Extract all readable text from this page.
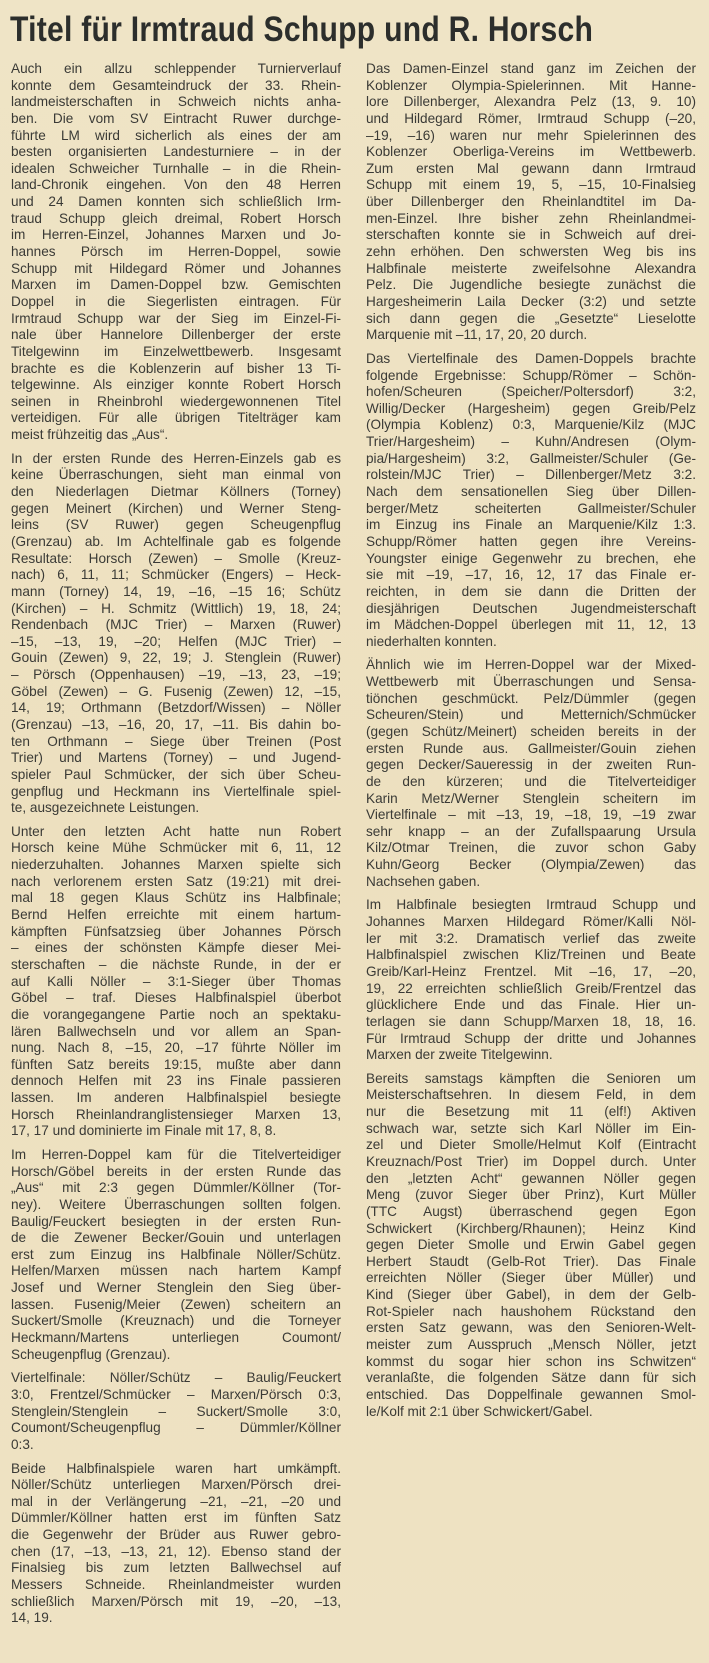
Titel für Irmtraud Schupp und R. Horsch
Auch ein allzu schleppender Turnierverlauf
konnte dem Gesamteindruck der 33. Rhein-
landmeisterschaften in Schweich nichts anha-
ben. Die vom SV Eintracht Ruwer durchge-
führte LM wird sicherlich als eines der am
besten organisierten Landesturniere – in der
idealen Schweicher Turnhalle – in die Rhein-
land-Chronik eingehen. Von den 48 Herren
und 24 Damen konnten sich schließlich Irm-
traud Schupp gleich dreimal, Robert Horsch
im Herren-Einzel, Johannes Marxen und Jo-
hannes Pörsch im Herren-Doppel, sowie
Schupp mit Hildegard Römer und Johannes
Marxen im Damen-Doppel bzw. Gemischten
Doppel in die Siegerlisten eintragen. Für
Irmtraud Schupp war der Sieg im Einzel-Fi-
nale über Hannelore Dillenberger der erste
Titelgewinn im Einzelwettbewerb. Insgesamt
brachte es die Koblenzerin auf bisher 13 Ti-
telgewinne. Als einziger konnte Robert Horsch
seinen in Rheinbrohl wiedergewonnenen Titel
verteidigen. Für alle übrigen Titelträger kam
meist frühzeitig das „Aus“.
In der ersten Runde des Herren-Einzels gab es
keine Überraschungen, sieht man einmal von
den Niederlagen Dietmar Köllners (Torney)
gegen Meinert (Kirchen) und Werner Steng-
leins (SV Ruwer) gegen Scheugenpflug
(Grenzau) ab. Im Achtelfinale gab es folgende
Resultate: Horsch (Zewen) – Smolle (Kreuz-
nach) 6, 11, 11; Schmücker (Engers) – Heck-
mann (Torney) 14, 19, –16, –15 16; Schütz
(Kirchen) – H. Schmitz (Wittlich) 19, 18, 24;
Rendenbach (MJC Trier) – Marxen (Ruwer)
–15, –13, 19, –20; Helfen (MJC Trier) –
Gouin (Zewen) 9, 22, 19; J. Stenglein (Ruwer)
– Pörsch (Oppenhausen) –19, –13, 23, –19;
Göbel (Zewen) – G. Fusenig (Zewen) 12, –15,
14, 19; Orthmann (Betzdorf/Wissen) – Nöller
(Grenzau) –13, –16, 20, 17, –11. Bis dahin bo-
ten Orthmann – Siege über Treinen (Post
Trier) und Martens (Torney) – und Jugend-
spieler Paul Schmücker, der sich über Scheu-
genpflug und Heckmann ins Viertelfinale spiel-
te, ausgezeichnete Leistungen.
Unter den letzten Acht hatte nun Robert
Horsch keine Mühe Schmücker mit 6, 11, 12
niederzuhalten. Johannes Marxen spielte sich
nach verlorenem ersten Satz (19:21) mit drei-
mal 18 gegen Klaus Schütz ins Halbfinale;
Bernd Helfen erreichte mit einem hartum-
kämpften Fünfsatzsieg über Johannes Pörsch
– eines der schönsten Kämpfe dieser Mei-
sterschaften – die nächste Runde, in der er
auf Kalli Nöller – 3:1-Sieger über Thomas
Göbel – traf. Dieses Halbfinalspiel überbot
die vorangegangene Partie noch an spektaku-
lären Ballwechseln und vor allem an Span-
nung. Nach 8, –15, 20, –17 führte Nöller im
fünften Satz bereits 19:15, mußte aber dann
dennoch Helfen mit 23 ins Finale passieren
lassen. Im anderen Halbfinalspiel besiegte
Horsch Rheinlandranglistensieger Marxen 13,
17, 17 und dominierte im Finale mit 17, 8, 8.
Im Herren-Doppel kam für die Titelverteidiger
Horsch/Göbel bereits in der ersten Runde das
„Aus“ mit 2:3 gegen Dümmler/Köllner (Tor-
ney). Weitere Überraschungen sollten folgen.
Baulig/Feuckert besiegten in der ersten Run-
de die Zewener Becker/Gouin und unterlagen
erst zum Einzug ins Halbfinale Nöller/Schütz.
Helfen/Marxen müssen nach hartem Kampf
Josef und Werner Stenglein den Sieg über-
lassen. Fusenig/Meier (Zewen) scheitern an
Suckert/Smolle (Kreuznach) und die Torneyer
Heckmann/Martens unterliegen Coumont/
Scheugenpflug (Grenzau).
Viertelfinale: Nöller/Schütz – Baulig/Feuckert
3:0, Frentzel/Schmücker – Marxen/Pörsch 0:3,
Stenglein/Stenglein – Suckert/Smolle 3:0,
Coumont/Scheugenpflug – Dümmler/Köllner
0:3.
Beide Halbfinalspiele waren hart umkämpft.
Nöller/Schütz unterliegen Marxen/Pörsch drei-
mal in der Verlängerung –21, –21, –20 und
Dümmler/Köllner hatten erst im fünften Satz
die Gegenwehr der Brüder aus Ruwer gebro-
chen (17, –13, –13, 21, 12). Ebenso stand der
Finalsieg bis zum letzten Ballwechsel auf
Messers Schneide. Rheinlandmeister wurden
schließlich Marxen/Pörsch mit 19, –20, –13,
14, 19.
Das Damen-Einzel stand ganz im Zeichen der
Koblenzer Olympia-Spielerinnen. Mit Hanne-
lore Dillenberger, Alexandra Pelz (13, 9. 10)
und Hildegard Römer, Irmtraud Schupp (–20,
–19, –16) waren nur mehr Spielerinnen des
Koblenzer Oberliga-Vereins im Wettbewerb.
Zum ersten Mal gewann dann Irmtraud
Schupp mit einem 19, 5, –15, 10-Finalsieg
über Dillenberger den Rheinlandtitel im Da-
men-Einzel. Ihre bisher zehn Rheinlandmei-
sterschaften konnte sie in Schweich auf drei-
zehn erhöhen. Den schwersten Weg bis ins
Halbfinale meisterte zweifelsohne Alexandra
Pelz. Die Jugendliche besiegte zunächst die
Hargesheimerin Laila Decker (3:2) und setzte
sich dann gegen die „Gesetzte“ Lieselotte
Marquenie mit –11, 17, 20, 20 durch.
Das Viertelfinale des Damen-Doppels brachte
folgende Ergebnisse: Schupp/Römer – Schön-
hofen/Scheuren (Speicher/Poltersdorf) 3:2,
Willig/Decker (Hargesheim) gegen Greib/Pelz
(Olympia Koblenz) 0:3, Marquenie/Kilz (MJC
Trier/Hargesheim) – Kuhn/Andresen (Olym-
pia/Hargesheim) 3:2, Gallmeister/Schuler (Ge-
rolstein/MJC Trier) – Dillenberger/Metz 3:2.
Nach dem sensationellen Sieg über Dillen-
berger/Metz scheiterten Gallmeister/Schuler
im Einzug ins Finale an Marquenie/Kilz 1:3.
Schupp/Römer hatten gegen ihre Vereins-
Youngster einige Gegenwehr zu brechen, ehe
sie mit –19, –17, 16, 12, 17 das Finale er-
reichten, in dem sie dann die Dritten der
diesjährigen Deutschen Jugendmeisterschaft
im Mädchen-Doppel überlegen mit 11, 12, 13
niederhalten konnten.
Ähnlich wie im Herren-Doppel war der Mixed-
Wettbewerb mit Überraschungen und Sensa-
tiönchen geschmückt. Pelz/Dümmler (gegen
Scheuren/Stein) und Metternich/Schmücker
(gegen Schütz/Meinert) scheiden bereits in der
ersten Runde aus. Gallmeister/Gouin ziehen
gegen Decker/Saueressig in der zweiten Run-
de den kürzeren; und die Titelverteidiger
Karin Metz/Werner Stenglein scheitern im
Viertelfinale – mit –13, 19, –18, 19, –19 zwar
sehr knapp – an der Zufallspaarung Ursula
Kilz/Otmar Treinen, die zuvor schon Gaby
Kuhn/Georg Becker (Olympia/Zewen) das
Nachsehen gaben.
Im Halbfinale besiegten Irmtraud Schupp und
Johannes Marxen Hildegard Römer/Kalli Nöl-
ler mit 3:2. Dramatisch verlief das zweite
Halbfinalspiel zwischen Kliz/Treinen und Beate
Greib/Karl-Heinz Frentzel. Mit –16, 17, –20,
19, 22 erreichten schließlich Greib/Frentzel das
glücklichere Ende und das Finale. Hier un-
terlagen sie dann Schupp/Marxen 18, 18, 16.
Für Irmtraud Schupp der dritte und Johannes
Marxen der zweite Titelgewinn.
Bereits samstags kämpften die Senioren um
Meisterschaftsehren. In diesem Feld, in dem
nur die Besetzung mit 11 (elf!) Aktiven
schwach war, setzte sich Karl Nöller im Ein-
zel und Dieter Smolle/Helmut Kolf (Eintracht
Kreuznach/Post Trier) im Doppel durch. Unter
den „letzten Acht“ gewannen Nöller gegen
Meng (zuvor Sieger über Prinz), Kurt Müller
(TTC Augst) überraschend gegen Egon
Schwickert (Kirchberg/Rhaunen); Heinz Kind
gegen Dieter Smolle und Erwin Gabel gegen
Herbert Staudt (Gelb-Rot Trier). Das Finale
erreichten Nöller (Sieger über Müller) und
Kind (Sieger über Gabel), in dem der Gelb-
Rot-Spieler nach haushohem Rückstand den
ersten Satz gewann, was den Senioren-Welt-
meister zum Ausspruch „Mensch Nöller, jetzt
kommst du sogar hier schon ins Schwitzen“
veranlaßte, die folgenden Sätze dann für sich
entschied. Das Doppelfinale gewannen Smol-
le/Kolf mit 2:1 über Schwickert/Gabel.
